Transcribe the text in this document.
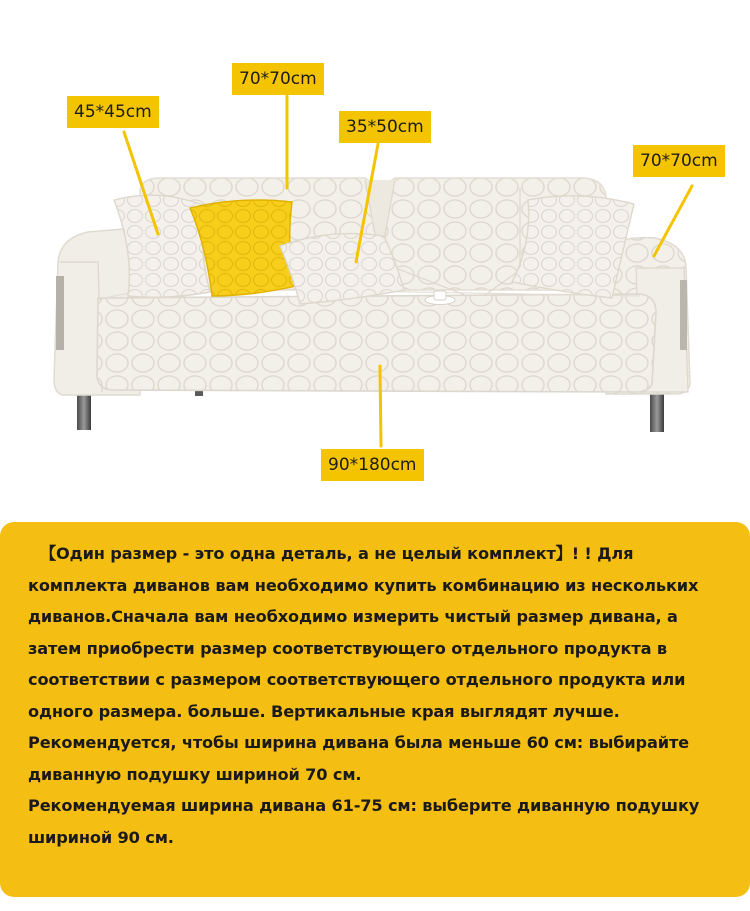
45*45cm
70*70cm
35*50cm
70*70cm
90*180cm

【Один размер - это одна деталь, а не целый комплект】! ! Для комплекта диванов вам необходимо купить комбинацию из нескольких диванов.Сначала вам необходимо измерить чистый размер дивана, а затем приобрести размер соответствующего отдельного продукта в соответствии с размером соответствующего отдельного продукта или одного размера. больше. Вертикальные края выглядят лучше.

Рекомендуется, чтобы ширина дивана была меньше 60 см: выбирайте диванную подушку шириной 70 см.

Рекомендуемая ширина дивана 61-75 см: выберите диванную подушку шириной 90 см.
